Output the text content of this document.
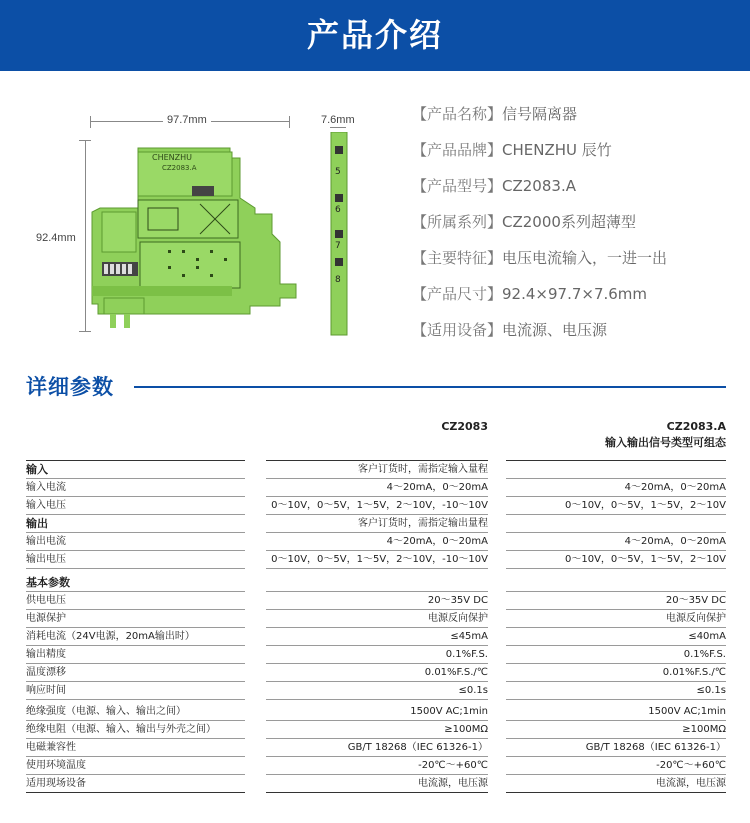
产品介绍
97.7mm
92.4mm
7.6mm
CHENZHU
CZ2083.A	5
6
7
8
【产品名称】信号隔离器
【产品品牌】CHENZHU 辰竹
【产品型号】CZ2083.A
【所属系列】CZ2000系列超薄型
【主要特征】电压电流输入，一进一出
【产品尺寸】92.4×97.7×7.6mm
【适用设备】电流源、电压源
详细参数
CZ2083	CZ2083.A
输入输出信号类型可组态
输入	客户订货时，需指定输入量程
输入电流	4～20mA，0～20mA	4～20mA，0～20mA
输入电压	0～10V，0～5V，1～5V，2～10V，-10～10V	0～10V，0～5V，1～5V，2～10V
输出	客户订货时，需指定输出量程
输出电流	4～20mA，0～20mA	4～20mA，0～20mA
输出电压	0～10V，0～5V，1～5V，2～10V，-10～10V	0～10V，0～5V，1～5V，2～10V
基本参数
供电电压	20～35V DC	20～35V DC
电源保护	电源反向保护	电源反向保护
消耗电流（24V电源，20mA输出时）	≤45mA	≤40mA
输出精度	0.1%F.S.	0.1%F.S.
温度漂移	0.01%F.S./℃	0.01%F.S./℃
响应时间	≤0.1s	≤0.1s
绝缘强度（电源、输入、输出之间）	1500V AC;1min	1500V AC;1min
绝缘电阻（电源、输入、输出与外壳之间）	≥100MΩ	≥100MΩ
电磁兼容性	GB/T 18268（IEC 61326-1）	GB/T 18268（IEC 61326-1）
使用环境温度	-20℃～+60℃	-20℃～+60℃
适用现场设备	电流源，电压源	电流源，电压源
